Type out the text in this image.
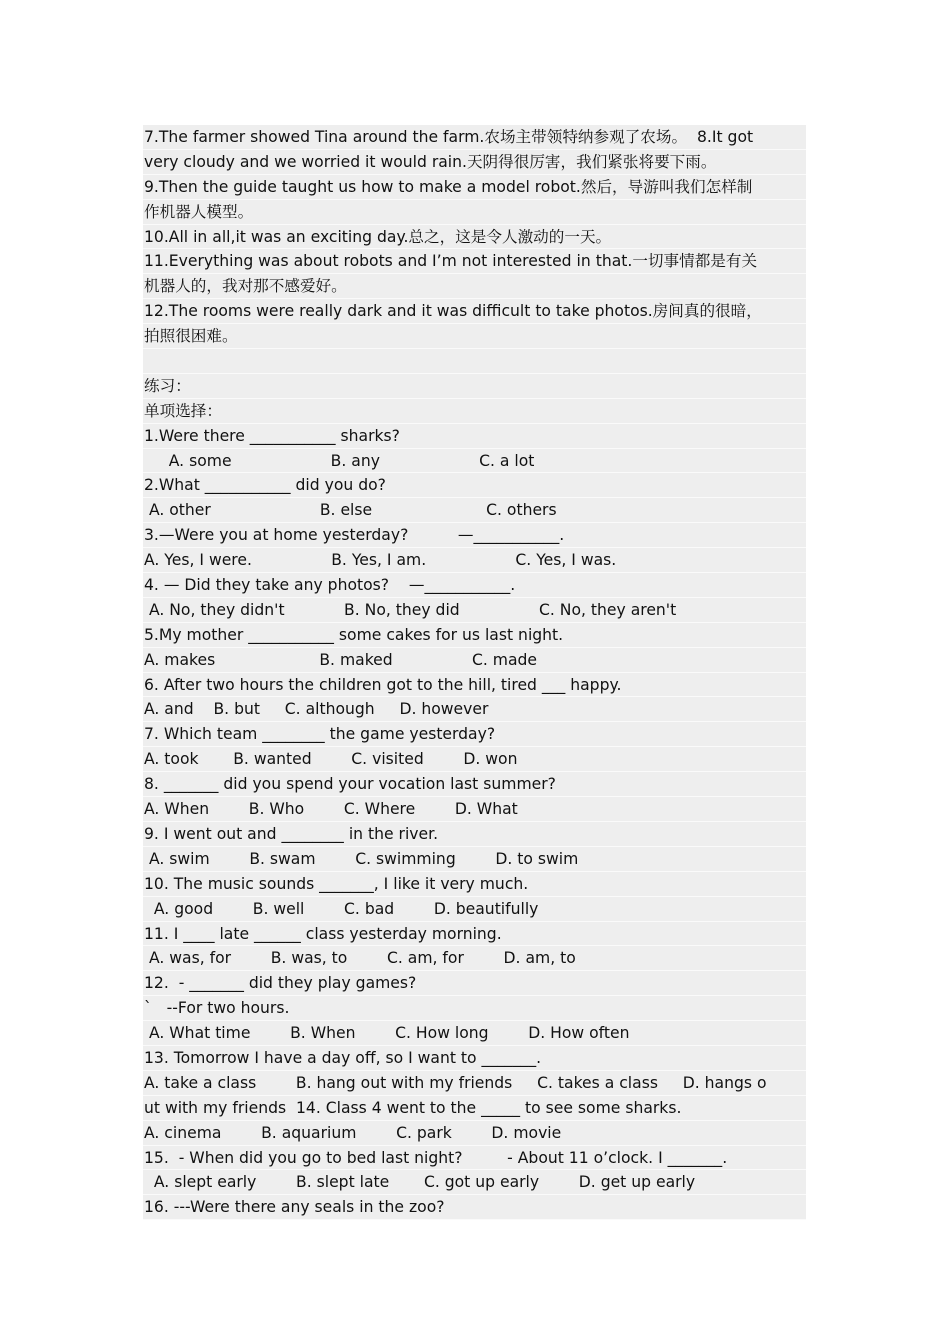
7.The farmer showed Tina around the farm.农场主带领特纳参观了农场。  8.It got
very cloudy and we worried it would rain.天阴得很厉害，我们紧张将要下雨。
9.Then the guide taught us how to make a model robot.然后，导游叫我们怎样制
作机器人模型。
10.All in all,it was an exciting day.总之，这是令人激动的一天。
11.Everything was about robots and I’m not interested in that.一切事情都是有关
机器人的，我对那不感爱好。
12.The rooms were really dark and it was difficult to take photos.房间真的很暗，
拍照很困难。
练习：
单项选择：
1.Were there ___________ sharks?
A. some                    B. any                    C. a lot
2.What ___________ did you do?
A. other                      B. else                       C. others
3.—Were you at home yesterday?          —___________.
A. Yes, I were.                B. Yes, I am.                  C. Yes, I was.
4. — Did they take any photos?    —___________.
A. No, they didn't            B. No, they did                C. No, they aren't
5.My mother ___________ some cakes for us last night.
A. makes                     B. maked                C. made
6. After two hours the children got to the hill, tired ___ happy.
A. and    B. but     C. although     D. however
7. Which team ________ the game yesterday?
A. took       B. wanted        C. visited        D. won
8. _______ did you spend your vocation last summer?
A. When        B. Who        C. Where        D. What
9. I went out and ________ in the river.
A. swim        B. swam        C. swimming        D. to swim
10. The music sounds _______, I like it very much.
A. good        B. well        C. bad        D. beautifully
11. I ____ late ______ class yesterday morning.
A. was, for        B. was, to        C. am, for        D. am, to
12.  - _______ did they play games?
`   --For two hours.
A. What time        B. When        C. How long        D. How often
13. Tomorrow I have a day off, so I want to _______.
A. take a class        B. hang out with my friends     C. takes a class     D. hangs o
ut with my friends  14. Class 4 went to the _____ to see some sharks.
A. cinema        B. aquarium        C. park        D. movie
15.  - When did you go to bed last night?         - About 11 o’clock. I _______.
A. slept early        B. slept late       C. got up early        D. get up early
16. ---Were there any seals in the zoo?
